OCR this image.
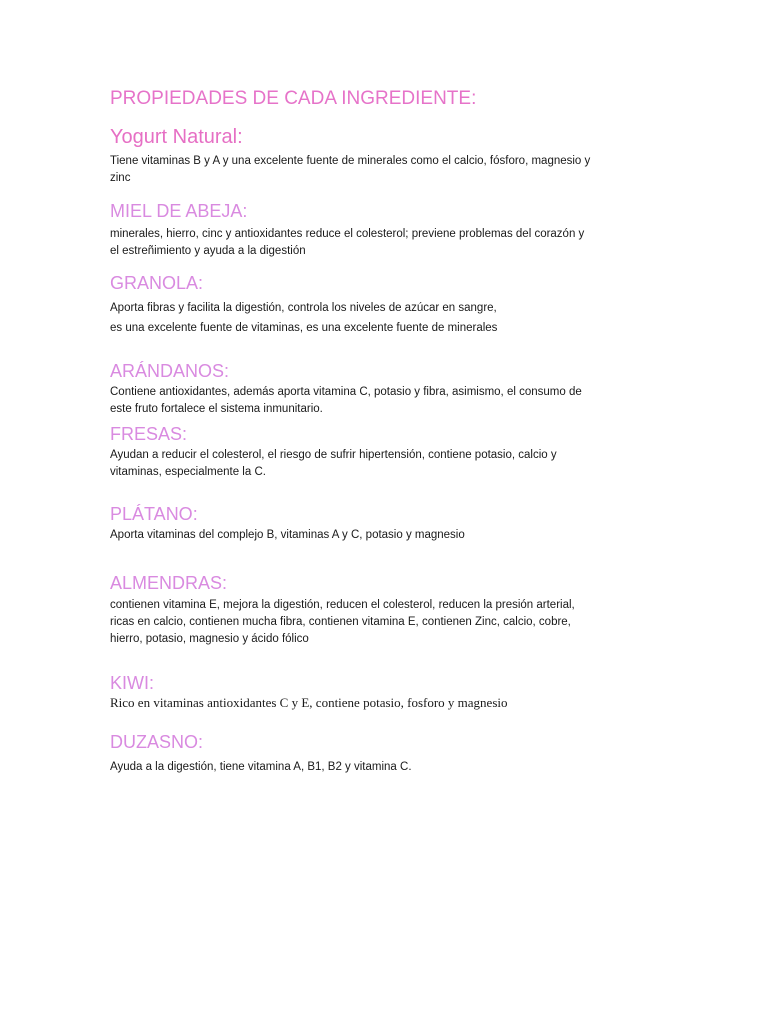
PROPIEDADES DE CADA INGREDIENTE:
Yogurt Natural:

Tiene vitaminas B y A y una excelente fuente de minerales como el calcio, fósforo, magnesio y
zinc

MIEL DE ABEJA:

minerales, hierro, cinc y antioxidantes reduce el colesterol; previene problemas del corazón y
el estreñimiento y ayuda a la digestión

GRANOLA:

Aporta fibras y facilita la digestión, controla los niveles de azúcar en sangre,
es una excelente fuente de vitaminas, es una excelente fuente de minerales

ARÁNDANOS:

Contiene antioxidantes, además aporta vitamina C, potasio y fibra, asimismo, el consumo de
este fruto fortalece el sistema inmunitario.

FRESAS:

Ayudan a reducir el colesterol, el riesgo de sufrir hipertensión, contiene potasio, calcio y
vitaminas, especialmente la C.

PLÁTANO:

Aporta vitaminas del complejo B, vitaminas A y C, potasio y magnesio

ALMENDRAS:

contienen vitamina E, mejora la digestión, reducen el colesterol, reducen la presión arterial,
ricas en calcio, contienen mucha fibra, contienen vitamina E, contienen Zinc, calcio, cobre,
hierro, potasio, magnesio y ácido fólico

KIWI:

Rico en vitaminas antioxidantes C y E, contiene potasio, fosforo y magnesio

DUZASNO:

Ayuda a la digestión, tiene vitamina A, B1, B2 y vitamina C.
